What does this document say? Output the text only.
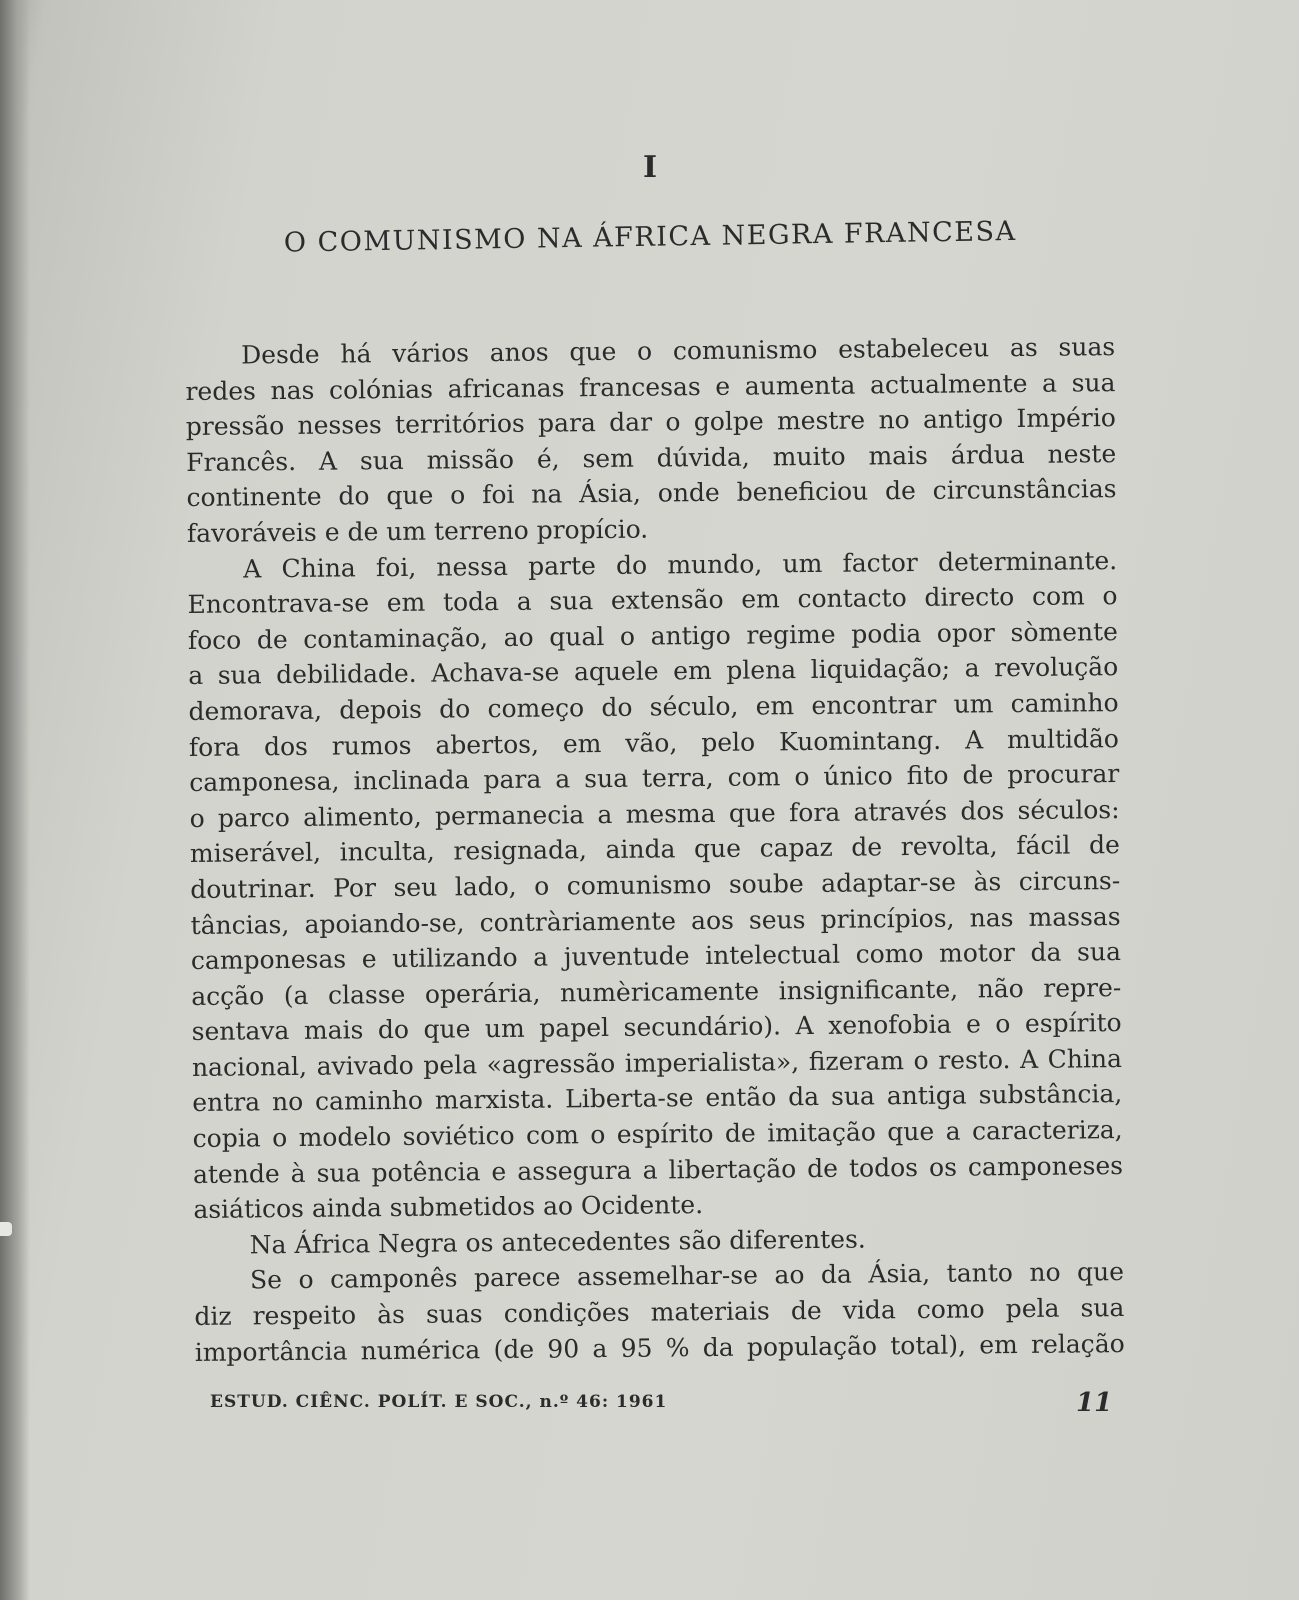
I
O COMUNISMO NA ÁFRICA NEGRA FRANCESA
Desde há vários anos que o comunismo estabeleceu as suas
redes nas colónias africanas francesas e aumenta actualmente a sua
pressão nesses territórios para dar o golpe mestre no antigo Império
Francês. A sua missão é, sem dúvida, muito mais árdua neste
continente do que o foi na Ásia, onde beneficiou de circunstâncias
favoráveis e de um terreno propício.
A China foi, nessa parte do mundo, um factor determinante.
Encontrava-se em toda a sua extensão em contacto directo com o
foco de contaminação, ao qual o antigo regime podia opor sòmente
a sua debilidade. Achava-se aquele em plena liquidação; a revolução
demorava, depois do começo do século, em encontrar um caminho
fora dos rumos abertos, em vão, pelo Kuomintang. A multidão
camponesa, inclinada para a sua terra, com o único fito de procurar
o parco alimento, permanecia a mesma que fora através dos séculos:
miserável, inculta, resignada, ainda que capaz de revolta, fácil de
doutrinar. Por seu lado, o comunismo soube adaptar-se às circuns-
tâncias, apoiando-se, contràriamente aos seus princípios, nas massas
camponesas e utilizando a juventude intelectual como motor da sua
acção (a classe operária, numèricamente insignificante, não repre-
sentava mais do que um papel secundário). A xenofobia e o espírito
nacional, avivado pela «agressão imperialista», fizeram o resto. A China
entra no caminho marxista. Liberta-se então da sua antiga substância,
copia o modelo soviético com o espírito de imitação que a caracteriza,
atende à sua potência e assegura a libertação de todos os camponeses
asiáticos ainda submetidos ao Ocidente.
Na África Negra os antecedentes são diferentes.
Se o camponês parece assemelhar-se ao da Ásia, tanto no que
diz respeito às suas condições materiais de vida como pela sua
importância numérica (de 90 a 95 % da população total), em relação
ESTUD. CIÊNC. POLÍT. E SOC., n.º 46: 1961	11
